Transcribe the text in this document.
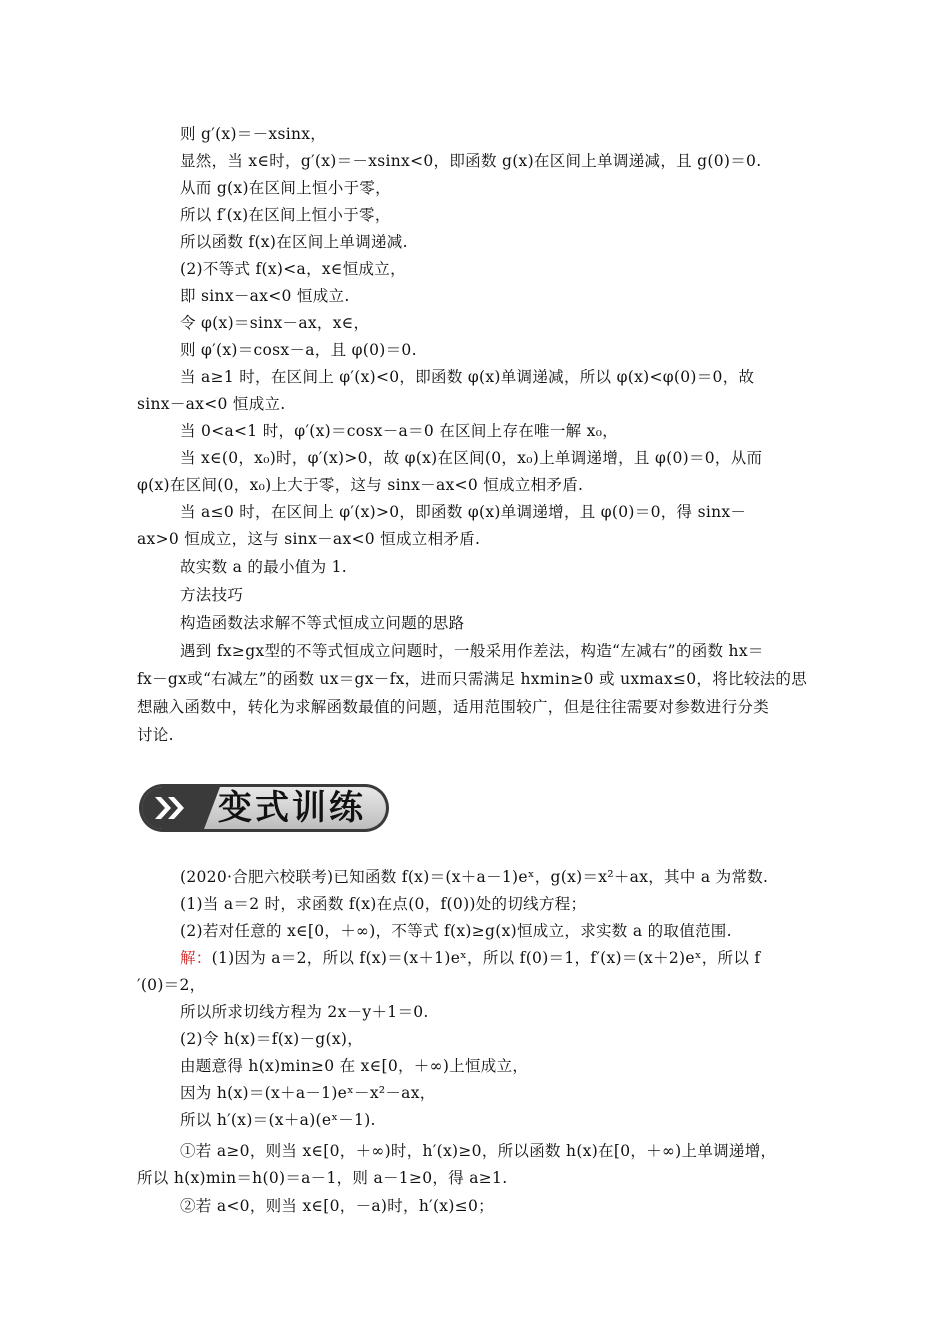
则 g′(x)＝－xsinx，
显然，当 x∈时，g′(x)＝－xsinx<0，即函数 g(x)在区间上单调递减，且 g(0)＝0.
从而 g(x)在区间上恒小于零，
所以 f′(x)在区间上恒小于零，
所以函数 f(x)在区间上单调递减.
(2)不等式 f(x)<a，x∈恒成立，
即 sinx－ax<0 恒成立.
令 φ(x)＝sinx－ax，x∈，
则 φ′(x)＝cosx－a，且 φ(0)＝0.
当 a≥1 时，在区间上 φ′(x)<0，即函数 φ(x)单调递减，所以 φ(x)<φ(0)＝0，故
sinx－ax<0 恒成立.
当 0<a<1 时，φ′(x)＝cosx－a＝0 在区间上存在唯一解 x₀，
当 x∈(0，x₀)时，φ′(x)>0，故 φ(x)在区间(0，x₀)上单调递增，且 φ(0)＝0，从而
φ(x)在区间(0，x₀)上大于零，这与 sinx－ax<0 恒成立相矛盾.
当 a≤0 时，在区间上 φ′(x)>0，即函数 φ(x)单调递增，且 φ(0)＝0，得 sinx－
ax>0 恒成立，这与 sinx－ax<0 恒成立相矛盾.
故实数 a 的最小值为 1.
方法技巧
构造函数法求解不等式恒成立问题的思路
遇到 fx≥gx型的不等式恒成立问题时，一般采用作差法，构造“左减右”的函数 hx＝
fx－gx或“右减左”的函数 ux＝gx－fx，进而只需满足 hxmin≥0 或 uxmax≤0，将比较法的思
想融入函数中，转化为求解函数最值的问题，适用范围较广，但是往往需要对参数进行分类
讨论.
变式训练
(2020·合肥六校联考)已知函数 f(x)＝(x＋a－1)eˣ，g(x)＝x²＋ax，其中 a 为常数.
(1)当 a＝2 时，求函数 f(x)在点(0，f(0))处的切线方程；
(2)若对任意的 x∈[0，＋∞)，不等式 f(x)≥g(x)恒成立，求实数 a 的取值范围.
解：(1)因为 a＝2，所以 f(x)＝(x＋1)eˣ，所以 f(0)＝1，f′(x)＝(x＋2)eˣ，所以 f
′(0)＝2，
所以所求切线方程为 2x－y＋1＝0.
(2)令 h(x)＝f(x)－g(x)，
由题意得 h(x)min≥0 在 x∈[0，＋∞)上恒成立，
因为 h(x)＝(x＋a－1)eˣ－x²－ax，
所以 h′(x)＝(x＋a)(eˣ－1).
①若 a≥0，则当 x∈[0，＋∞)时，h′(x)≥0，所以函数 h(x)在[0，＋∞)上单调递增，
所以 h(x)min＝h(0)＝a－1，则 a－1≥0，得 a≥1.
②若 a<0，则当 x∈[0，－a)时，h′(x)≤0；
